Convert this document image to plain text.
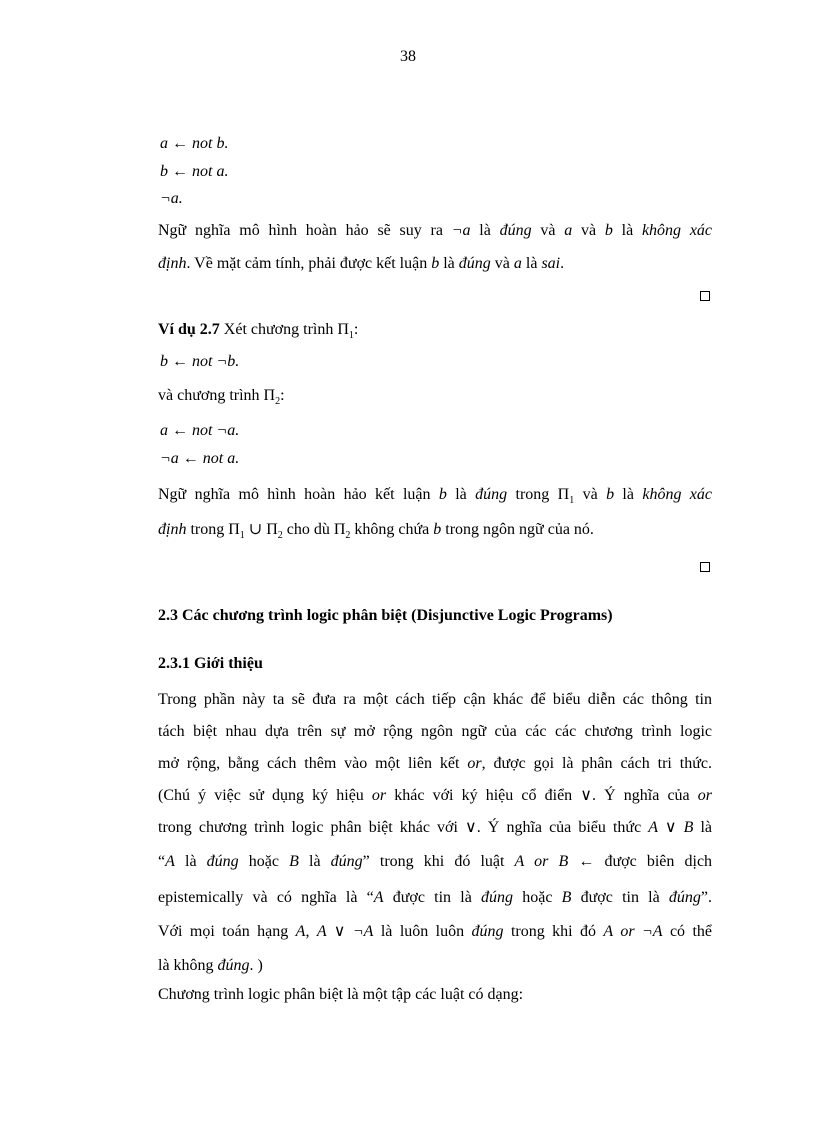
38
a ← not b.
b ← not a.
¬a.
Ngữ nghĩa mô hình hoàn hảo sẽ suy ra ¬a là đúng và a và b là không xác
định. Về mặt cảm tính, phải được kết luận b là đúng và a là sai.
Ví dụ 2.7 Xét chương trình $\Pi_1$:
b ← not ¬b.
và chương trình $\Pi_2$:
a ← not ¬a.
¬a ← not a.
Ngữ nghĩa mô hình hoàn hảo kết luận b là đúng trong $\Pi_1$ và b là không xác
định trong $\Pi_1$ ∪ $\Pi_2$ cho dù $\Pi_2$ không chứa b trong ngôn ngữ của nó.
2.3 Các chương trình logic phân biệt (Disjunctive Logic Programs)
2.3.1 Giới thiệu
Trong phần này ta sẽ đưa ra một cách tiếp cận khác để biểu diễn các thông tin
tách biệt nhau dựa trên sự mở rộng ngôn ngữ của các các chương trình logic
mở rộng, bằng cách thêm vào một liên kết or, được gọi là phân cách tri thức.
(Chú ý việc sử dụng ký hiệu or khác với ký hiệu cổ điển ∨. Ý nghĩa của or
trong chương trình logic phân biệt khác với ∨. Ý nghĩa của biểu thức A ∨ B là
“A là đúng hoặc B là đúng” trong khi đó luật A or B ← được biên dịch
epistemically và có nghĩa là “A được tin là đúng hoặc B được tin là đúng”.
Với mọi toán hạng A, A ∨ ¬A là luôn luôn đúng trong khi đó A or ¬A có thể
là không đúng. )
Chương trình logic phân biệt là một tập các luật có dạng:
